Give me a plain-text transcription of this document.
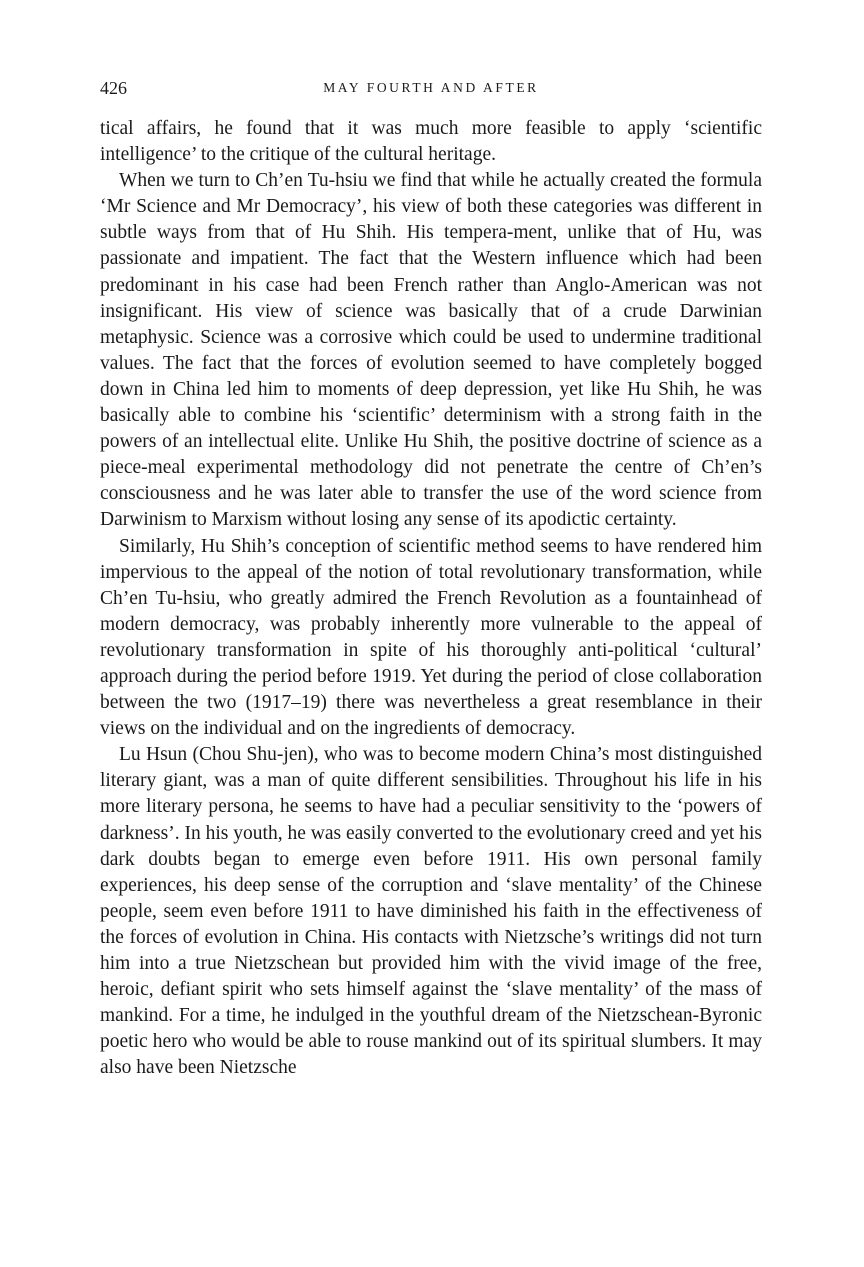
426	MAY FOURTH AND AFTER

tical affairs, he found that it was much more feasible to apply ‘scientific intelligence’ to the critique of the cultural heritage.

When we turn to Ch’en Tu-hsiu we find that while he actually created the formula ‘Mr Science and Mr Democracy’, his view of both these categories was different in subtle ways from that of Hu Shih. His tempera-ment, unlike that of Hu, was passionate and impatient. The fact that the Western influence which had been predominant in his case had been French rather than Anglo-American was not insignificant. His view of science was basically that of a crude Darwinian metaphysic. Science was a corrosive which could be used to undermine traditional values. The fact that the forces of evolution seemed to have completely bogged down in China led him to moments of deep depression, yet like Hu Shih, he was basically able to combine his ‘scientific’ determinism with a strong faith in the powers of an intellectual elite. Unlike Hu Shih, the positive doctrine of science as a piece-meal experimental methodology did not penetrate the centre of Ch’en’s consciousness and he was later able to transfer the use of the word science from Darwinism to Marxism without losing any sense of its apodictic certainty.

Similarly, Hu Shih’s conception of scientific method seems to have rendered him impervious to the appeal of the notion of total revolutionary transformation, while Ch’en Tu-hsiu, who greatly admired the French Revolution as a fountainhead of modern democracy, was probably inherently more vulnerable to the appeal of revolutionary transformation in spite of his thoroughly anti-political ‘cultural’ approach during the period before 1919. Yet during the period of close collaboration between the two (1917–19) there was nevertheless a great resemblance in their views on the individual and on the ingredients of democracy.

Lu Hsun (Chou Shu-jen), who was to become modern China’s most distinguished literary giant, was a man of quite different sensibilities. Throughout his life in his more literary persona, he seems to have had a peculiar sensitivity to the ‘powers of darkness’. In his youth, he was easily converted to the evolutionary creed and yet his dark doubts began to emerge even before 1911. His own personal family experiences, his deep sense of the corruption and ‘slave mentality’ of the Chinese people, seem even before 1911 to have diminished his faith in the effectiveness of the forces of evolution in China. His contacts with Nietzsche’s writings did not turn him into a true Nietzschean but provided him with the vivid image of the free, heroic, defiant spirit who sets himself against the ‘slave mentality’ of the mass of mankind. For a time, he indulged in the youthful dream of the Nietzschean-Byronic poetic hero who would be able to rouse mankind out of its spiritual slumbers. It may also have been Nietzsche
